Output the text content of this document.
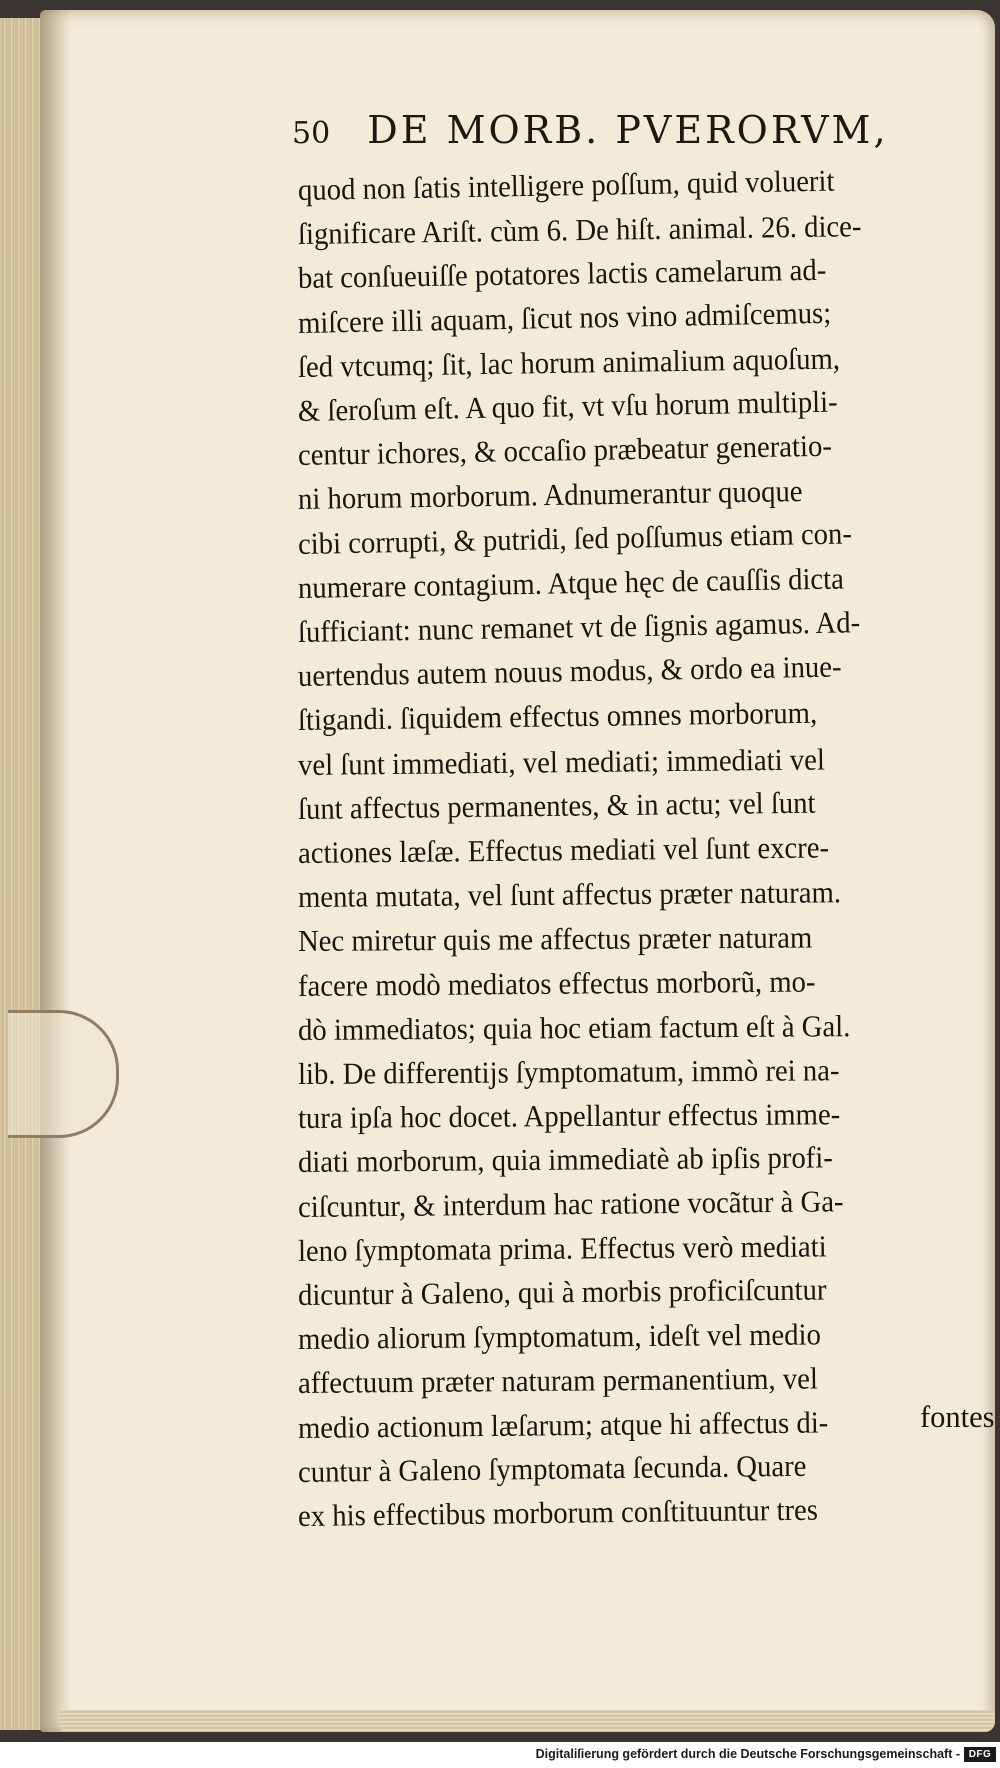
50 DE MORB. PVERORVM,
quod non ſatis intelligere poſſum, quid voluerit
ſignificare Ariſt. cùm 6. De hiſt. animal. 26. dice-
bat conſueuiſſe potatores lactis camelarum ad-
miſcere illi aquam, ſicut nos vino admiſcemus;
ſed vtcumq; ſit, lac horum animalium aquoſum,
& ſeroſum eſt. A quo fit, vt vſu horum multipli-
centur ichores, & occaſio præbeatur generatio-
ni horum morborum. Adnumerantur quoque
cibi corrupti, & putridi, ſed poſſumus etiam con-
numerare contagium. Atque hęc de cauſſis dicta
ſufficiant: nunc remanet vt de ſignis agamus. Ad-
uertendus autem nouus modus, & ordo ea inue-
ſtigandi. ſiquidem effectus omnes morborum,
vel ſunt immediati, vel mediati; immediati vel
ſunt affectus permanentes, & in actu; vel ſunt
actiones læſæ. Effectus mediati vel ſunt excre-
menta mutata, vel ſunt affectus præter naturam.
Nec miretur quis me affectus præter naturam
facere modò mediatos effectus morborũ, mo-
dò immediatos; quia hoc etiam factum eſt à Gal.
lib. De differentijs ſymptomatum, immò rei na-
tura ipſa hoc docet. Appellantur effectus imme-
diati morborum, quia immediatè ab ipſis profi-
ciſcuntur, & interdum hac ratione vocãtur à Ga-
leno ſymptomata prima. Effectus verò mediati
dicuntur à Galeno, qui à morbis proficiſcuntur
medio aliorum ſymptomatum, ideſt vel medio
affectuum præter naturam permanentium, vel
medio actionum læſarum; atque hi affectus di-
cuntur à Galeno ſymptomata ſecunda. Quare
ex his effectibus morborum conſtituuntur tres
fontes
Digitaliſierung gefördert durch die Deutsche Forschungsgemeinschaft - DFG
